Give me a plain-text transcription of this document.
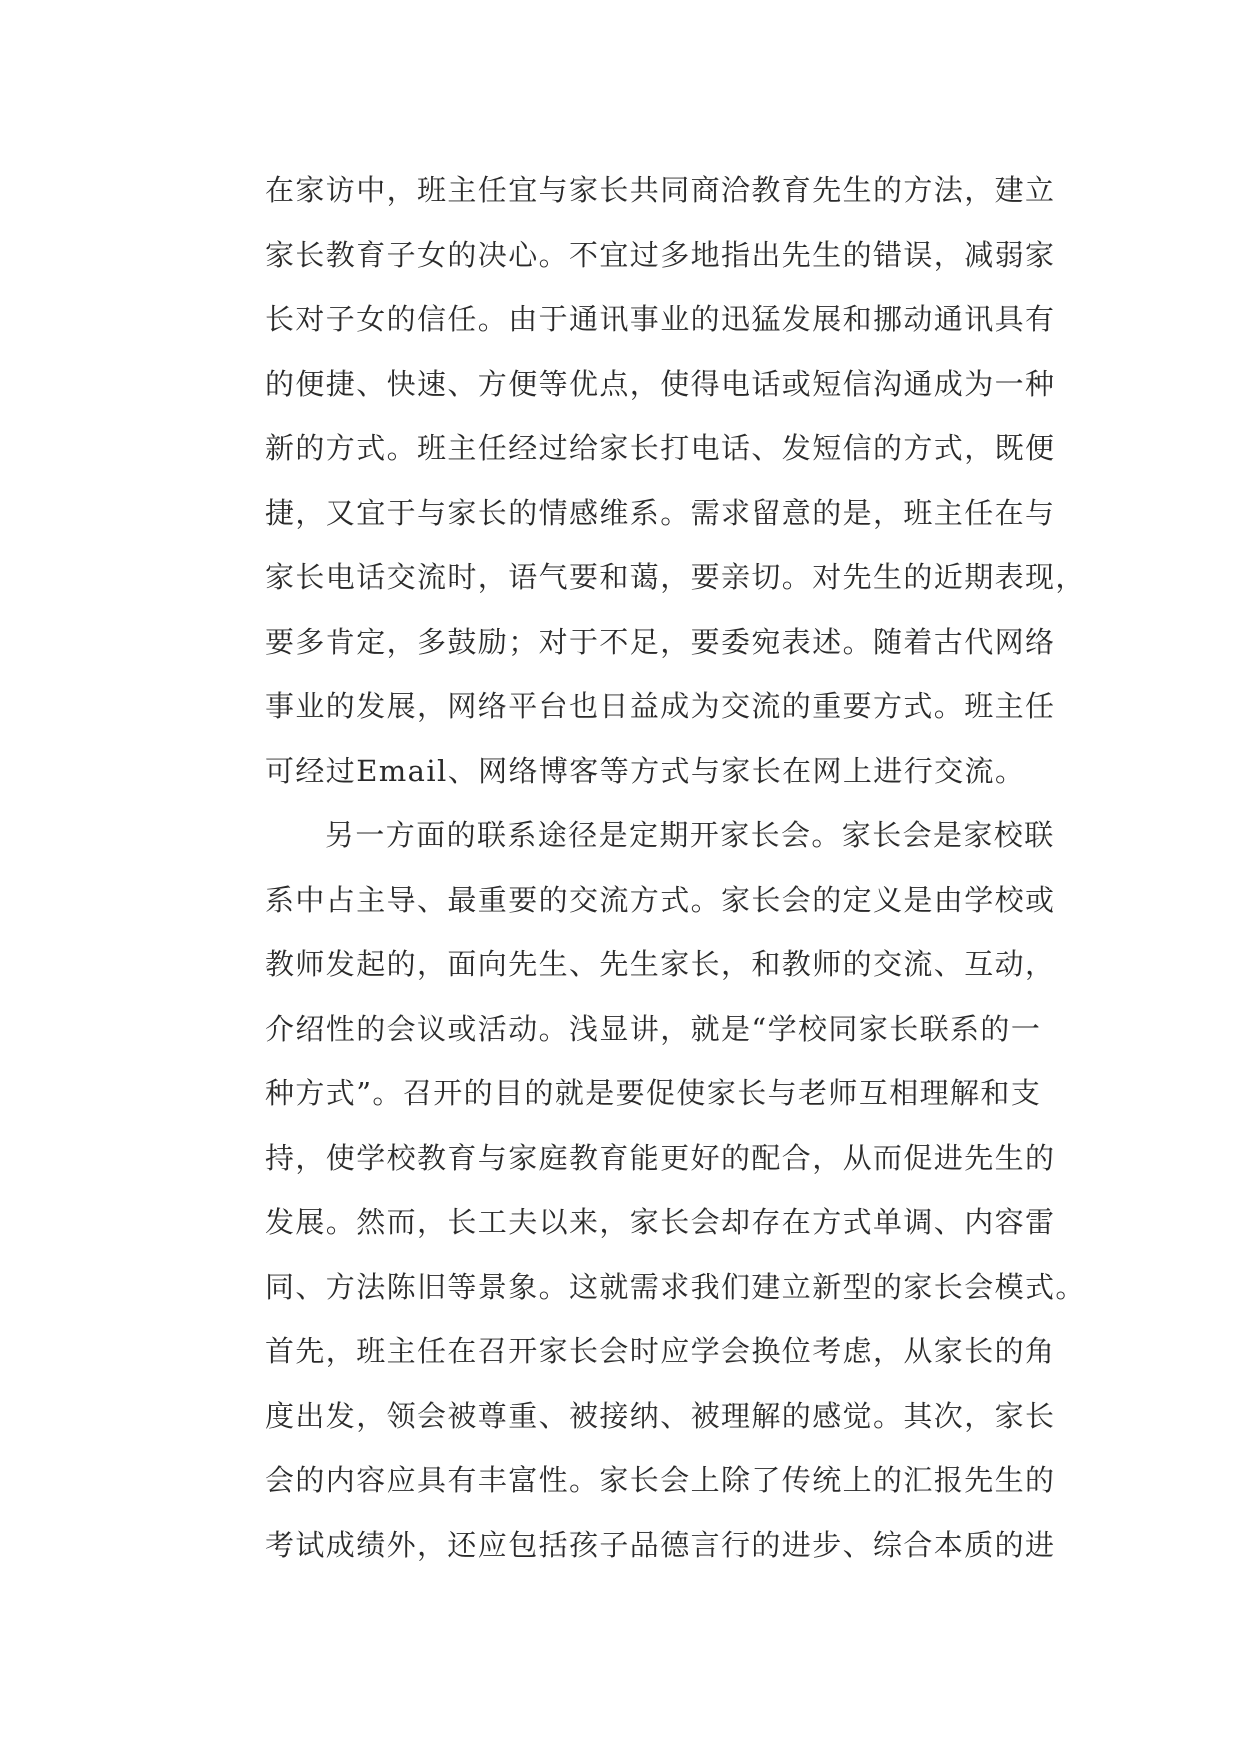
在家访中，班主任宜与家长共同商洽教育先生的方法，建立
家长教育子女的决心。不宜过多地指出先生的错误，减弱家
长对子女的信任。由于通讯事业的迅猛发展和挪动通讯具有
的便捷、快速、方便等优点，使得电话或短信沟通成为一种
新的方式。班主任经过给家长打电话、发短信的方式，既便
捷，又宜于与家长的情感维系。需求留意的是，班主任在与
家长电话交流时，语气要和蔼，要亲切。对先生的近期表现，
要多肯定，多鼓励；对于不足，要委宛表述。随着古代网络
事业的发展，网络平台也日益成为交流的重要方式。班主任
可经过Email、网络博客等方式与家长在网上进行交流。
另一方面的联系途径是定期开家长会。家长会是家校联
系中占主导、最重要的交流方式。家长会的定义是由学校或
教师发起的，面向先生、先生家长，和教师的交流、互动，
介绍性的会议或活动。浅显讲，就是“学校同家长联系的一
种方式”。召开的目的就是要促使家长与老师互相理解和支
持，使学校教育与家庭教育能更好的配合，从而促进先生的
发展。然而，长工夫以来，家长会却存在方式单调、内容雷
同、方法陈旧等景象。这就需求我们建立新型的家长会模式。
首先，班主任在召开家长会时应学会换位考虑，从家长的角
度出发，领会被尊重、被接纳、被理解的感觉。其次，家长
会的内容应具有丰富性。家长会上除了传统上的汇报先生的
考试成绩外，还应包括孩子品德言行的进步、综合本质的进
